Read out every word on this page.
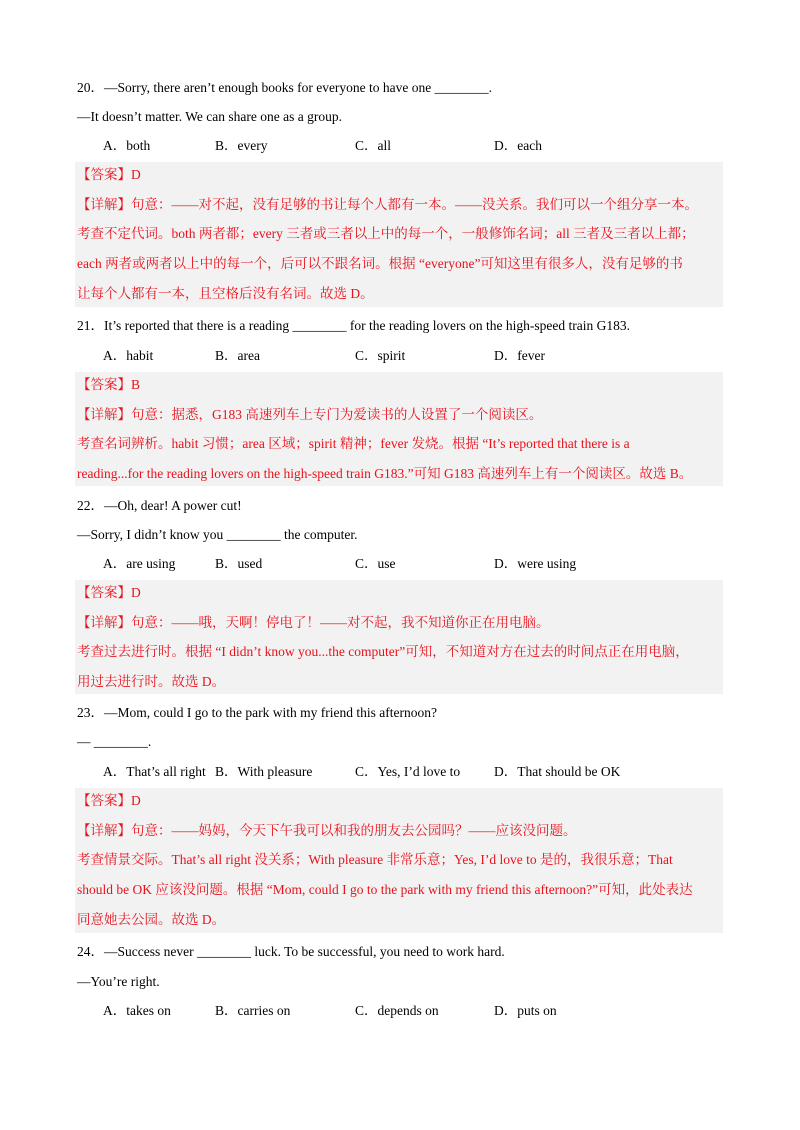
20．—Sorry, there aren’t enough books for everyone to have one ________.
—It doesn’t matter. We can share one as a group.
A．both	B．every	C．all	D．each
【答案】D
【详解】句意：——对不起，没有足够的书让每个人都有一本。——没关系。我们可以一个组分享一本。
考查不定代词。both 两者都；every 三者或三者以上中的每一个，一般修饰名词；all 三者及三者以上都；
each 两者或两者以上中的每一个，后可以不跟名词。根据 “everyone”可知这里有很多人，没有足够的书
让每个人都有一本，且空格后没有名词。故选 D。
21．It’s reported that there is a reading ________ for the reading lovers on the high-speed train G183.
A．habit	B．area	C．spirit	D．fever
【答案】B
【详解】句意：据悉，G183 高速列车上专门为爱读书的人设置了一个阅读区。
考查名词辨析。habit 习惯；area 区域；spirit 精神；fever 发烧。根据 “It’s reported that there is a
reading...for the reading lovers on the high-speed train G183.”可知 G183 高速列车上有一个阅读区。故选 B。
22．—Oh, dear! A power cut!
—Sorry, I didn’t know you ________ the computer.
A．are using	B．used	C．use	D．were using
【答案】D
【详解】句意：——哦，天啊！停电了！——对不起，我不知道你正在用电脑。
考查过去进行时。根据 “I didn’t know you...the computer”可知，不知道对方在过去的时间点正在用电脑，
用过去进行时。故选 D。
23．—Mom, could I go to the park with my friend this afternoon?
— ________.
A．That’s all right B．With pleasure	C．Yes, I’d love to	D．That should be OK
【答案】D
【详解】句意：——妈妈，今天下午我可以和我的朋友去公园吗？——应该没问题。
考查情景交际。That’s all right 没关系；With pleasure 非常乐意；Yes, I’d love to 是的，我很乐意；That
should be OK 应该没问题。根据 “Mom, could I go to the park with my friend this afternoon?”可知，此处表达
同意她去公园。故选 D。
24．—Success never ________ luck. To be successful, you need to work hard.
—You’re right.
A．takes on	B．carries on	C．depends on	D．puts on
